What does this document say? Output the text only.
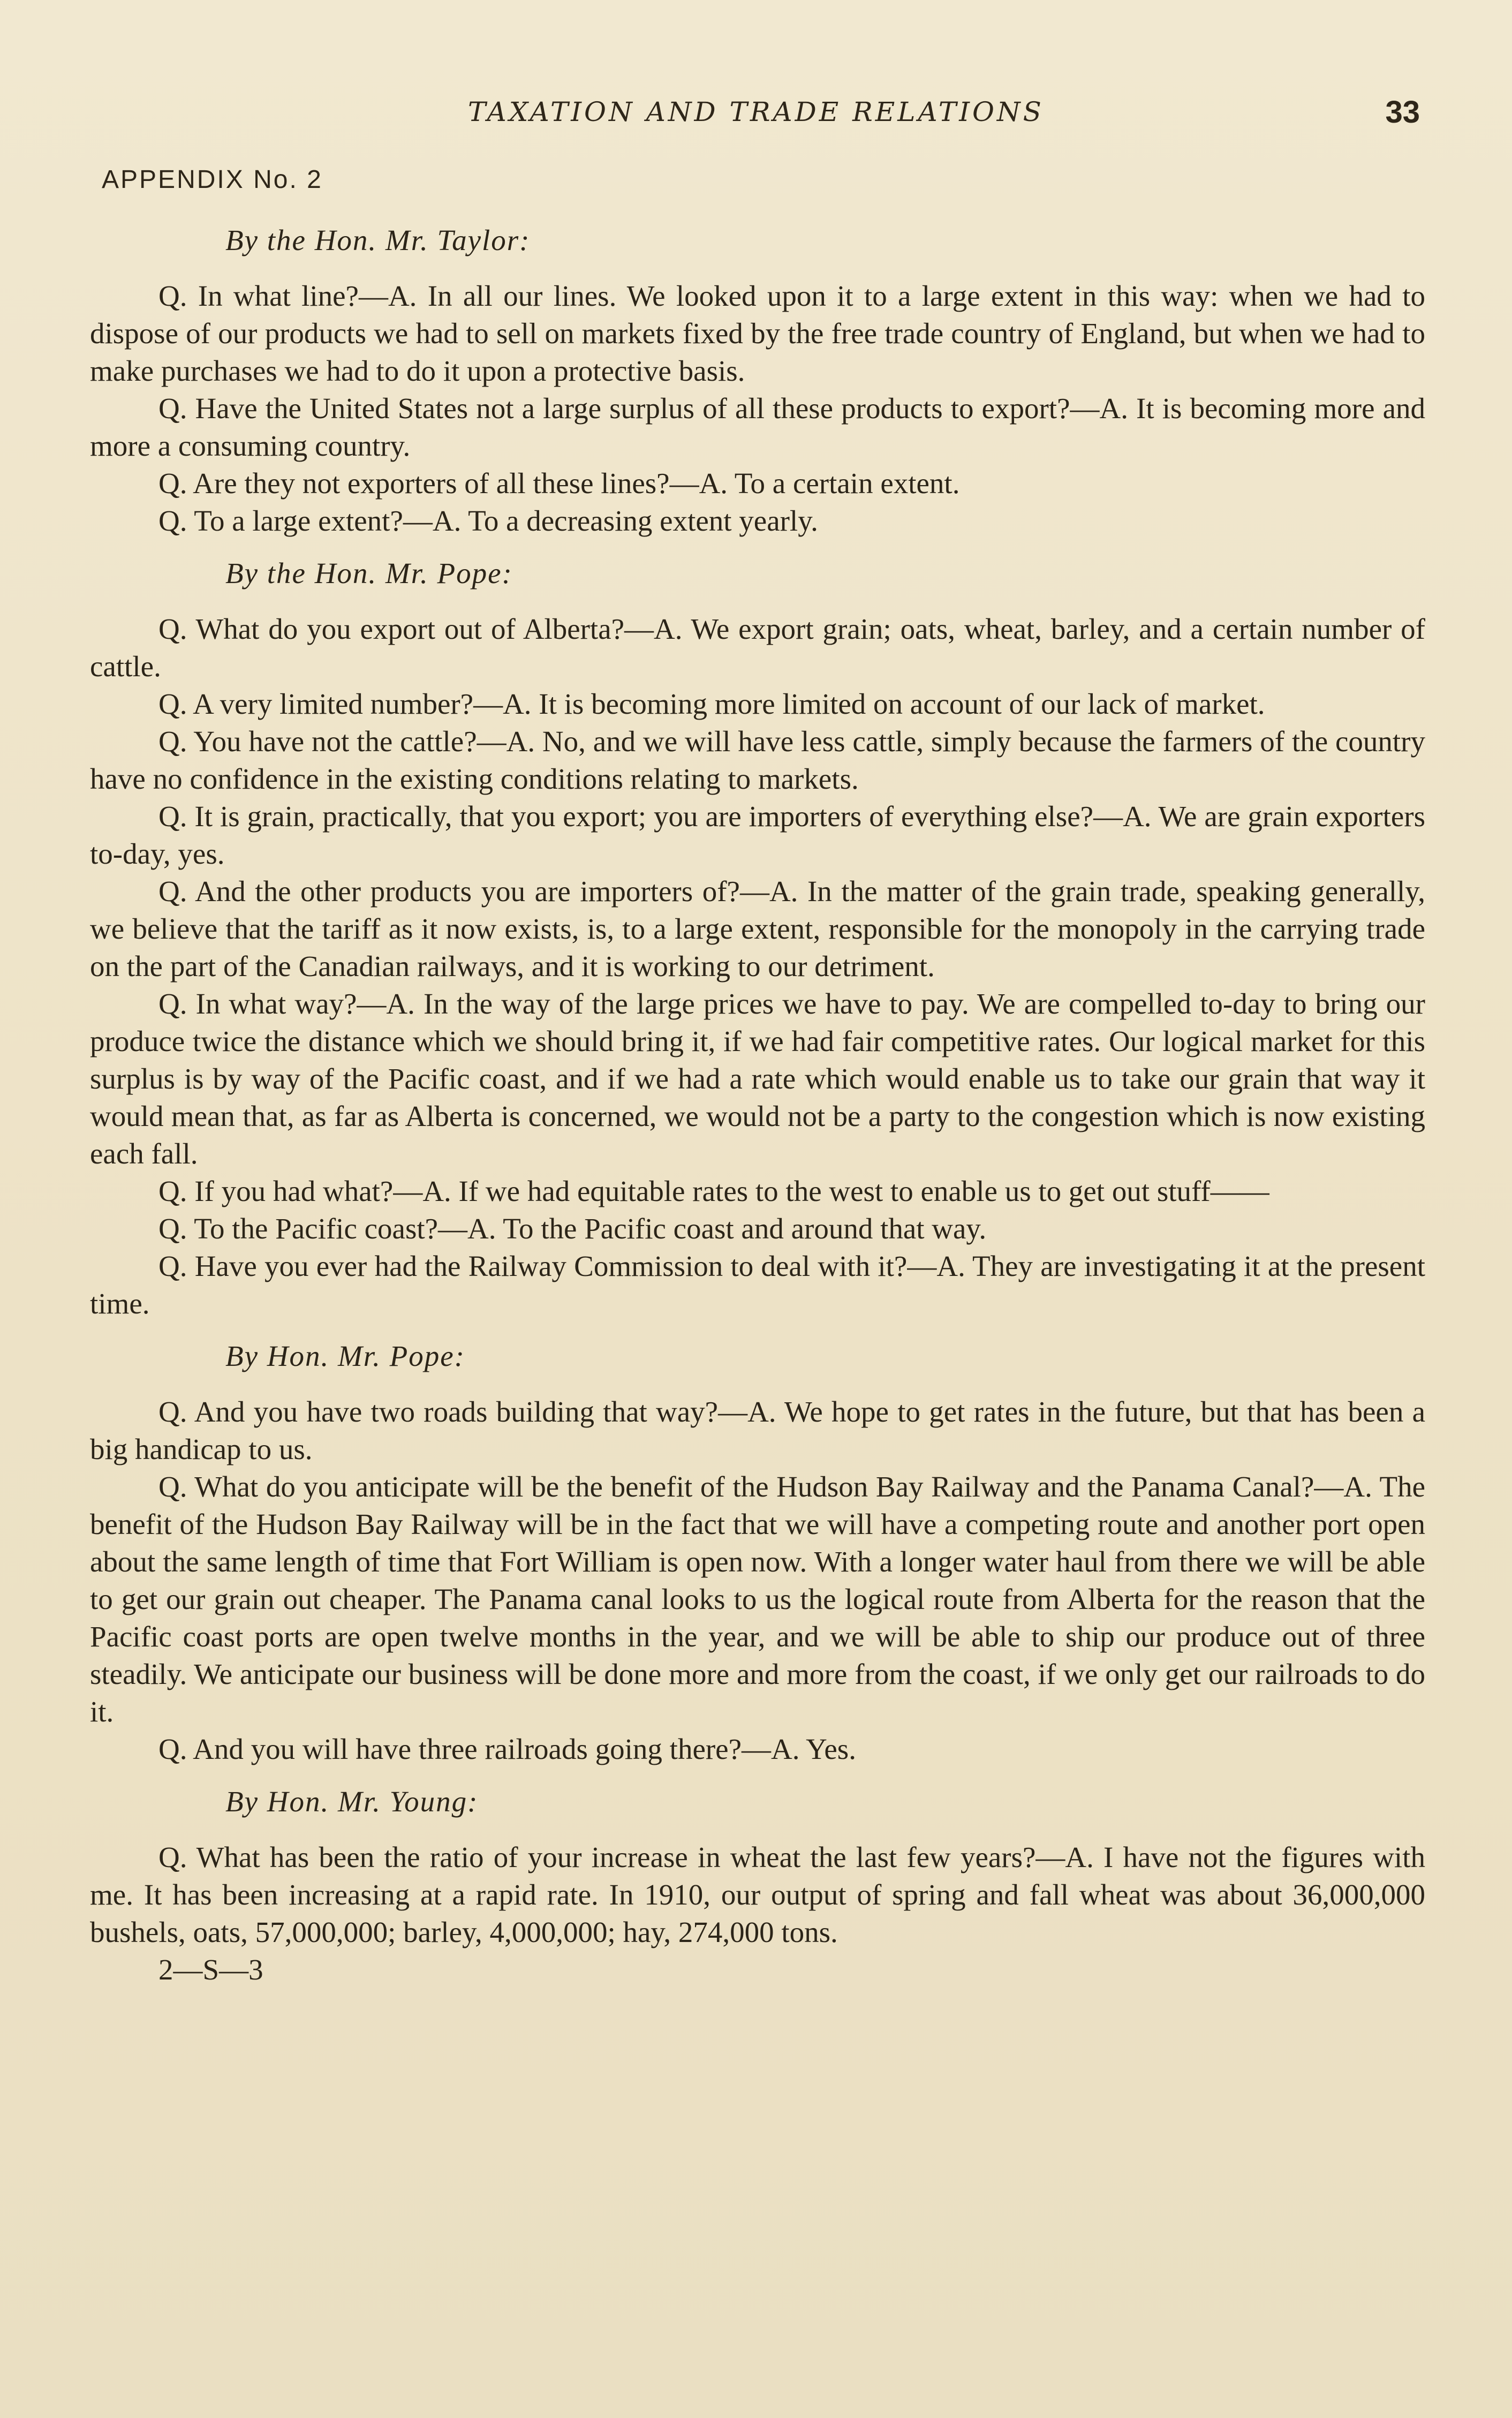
TAXATION AND TRADE RELATIONS	33
APPENDIX No. 2
By the Hon. Mr. Taylor:

Q. In what line?—A. In all our lines. We looked upon it to a large extent in this way: when we had to dispose of our products we had to sell on markets fixed by the free trade country of England, but when we had to make purchases we had to do it upon a protective basis.

Q. Have the United States not a large surplus of all these products to export?—A. It is becoming more and more a consuming country.

Q. Are they not exporters of all these lines?—A. To a certain extent.

Q. To a large extent?—A. To a decreasing extent yearly.

By the Hon. Mr. Pope:

Q. What do you export out of Alberta?—A. We export grain; oats, wheat, barley, and a certain number of cattle.

Q. A very limited number?—A. It is becoming more limited on account of our lack of market.

Q. You have not the cattle?—A. No, and we will have less cattle, simply because the farmers of the country have no confidence in the existing conditions relating to markets.

Q. It is grain, practically, that you export; you are importers of everything else?—A. We are grain exporters to-day, yes.

Q. And the other products you are importers of?—A. In the matter of the grain trade, speaking generally, we believe that the tariff as it now exists, is, to a large extent, responsible for the monopoly in the carrying trade on the part of the Canadian railways, and it is working to our detriment.

Q. In what way?—A. In the way of the large prices we have to pay. We are compelled to-day to bring our produce twice the distance which we should bring it, if we had fair competitive rates. Our logical market for this surplus is by way of the Pacific coast, and if we had a rate which would enable us to take our grain that way it would mean that, as far as Alberta is concerned, we would not be a party to the congestion which is now existing each fall.

Q. If you had what?—A. If we had equitable rates to the west to enable us to get out stuff——

Q. To the Pacific coast?—A. To the Pacific coast and around that way.

Q. Have you ever had the Railway Commission to deal with it?—A. They are investigating it at the present time.

By Hon. Mr. Pope:

Q. And you have two roads building that way?—A. We hope to get rates in the future, but that has been a big handicap to us.

Q. What do you anticipate will be the benefit of the Hudson Bay Railway and the Panama Canal?—A. The benefit of the Hudson Bay Railway will be in the fact that we will have a competing route and another port open about the same length of time that Fort William is open now. With a longer water haul from there we will be able to get our grain out cheaper. The Panama canal looks to us the logical route from Alberta for the reason that the Pacific coast ports are open twelve months in the year, and we will be able to ship our produce out of three steadily. We anticipate our business will be done more and more from the coast, if we only get our railroads to do it.

Q. And you will have three railroads going there?—A. Yes.

By Hon. Mr. Young:

Q. What has been the ratio of your increase in wheat the last few years?—A. I have not the figures with me. It has been increasing at a rapid rate. In 1910, our output of spring and fall wheat was about 36,000,000 bushels, oats, 57,000,000; barley, 4,000,000; hay, 274,000 tons.

2—S—3
